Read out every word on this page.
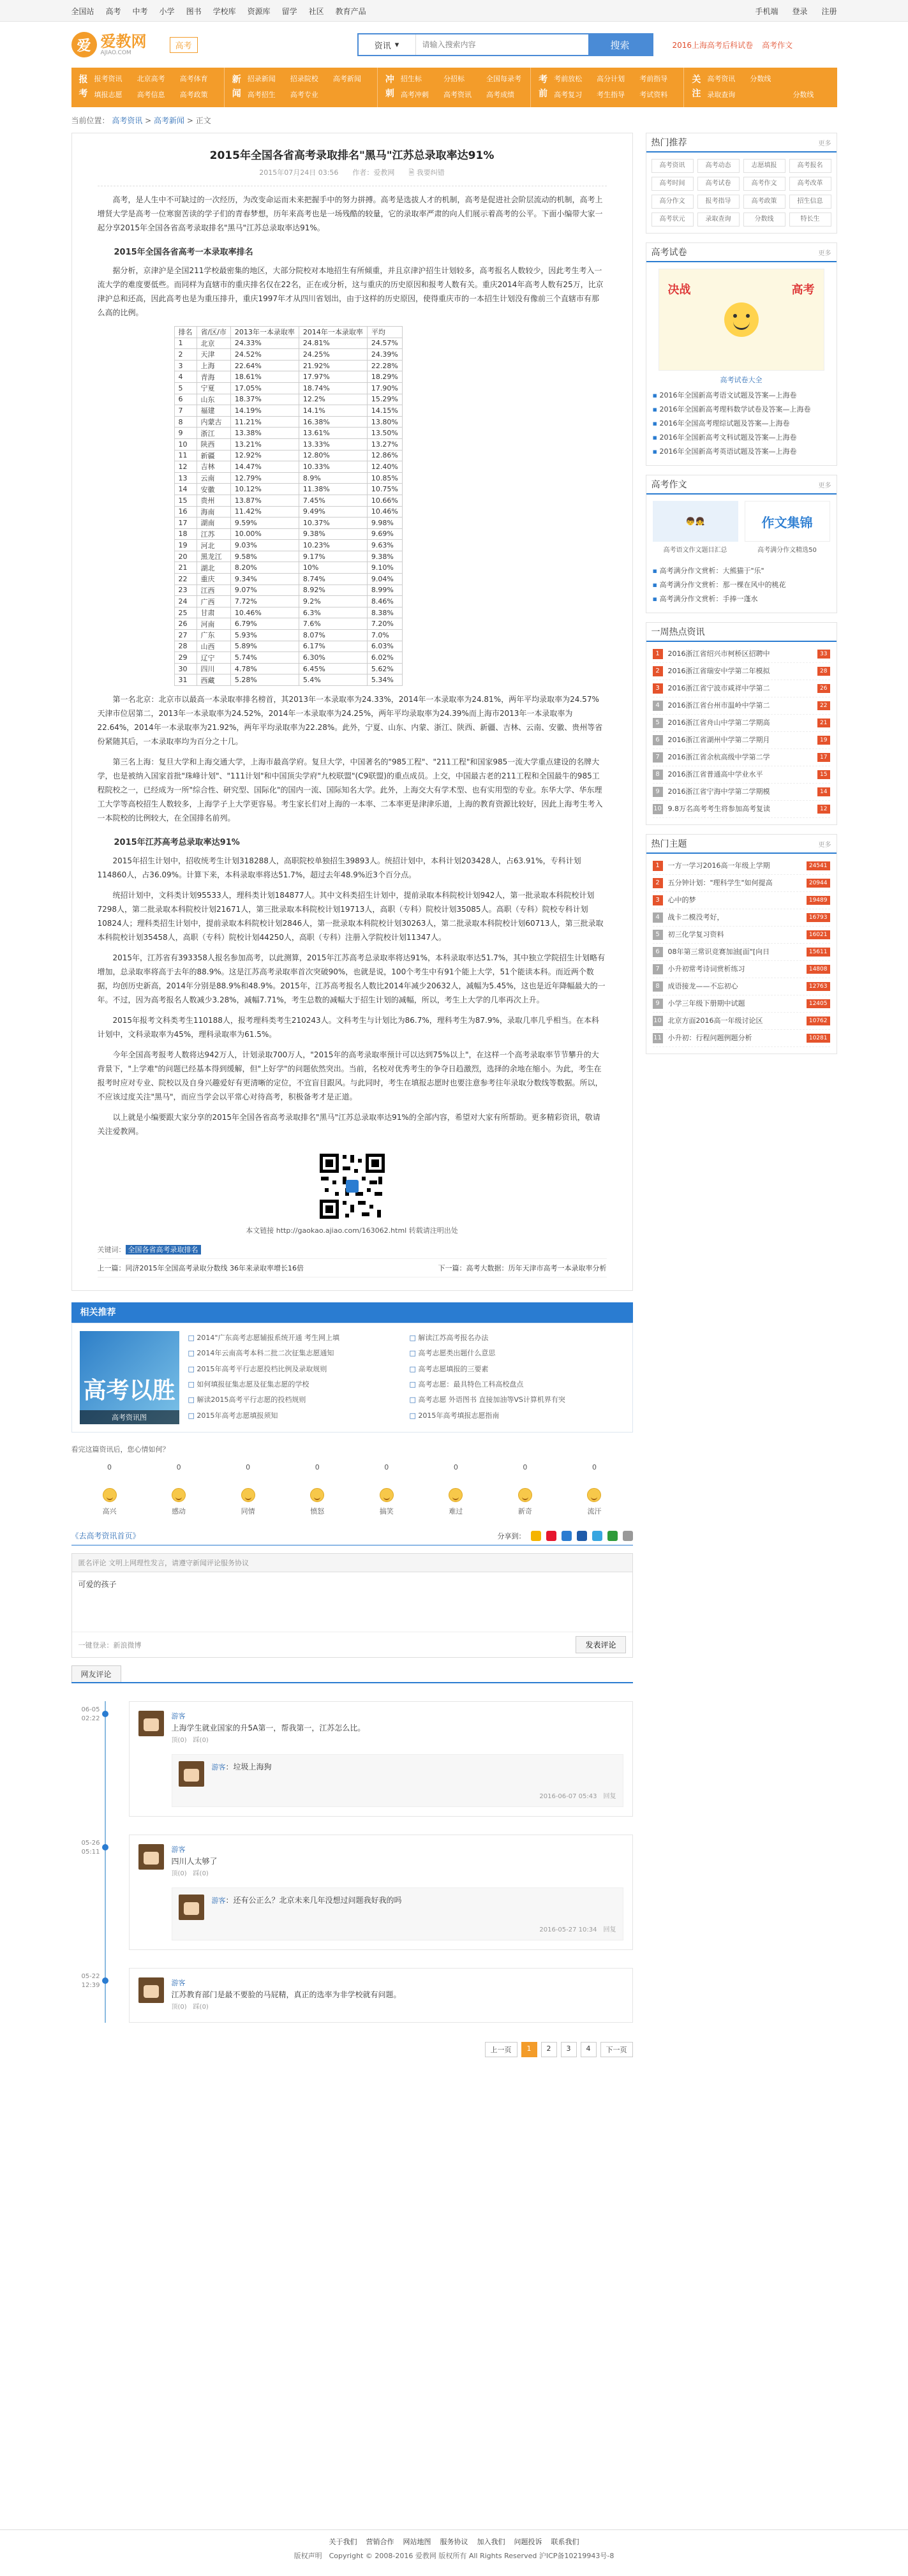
全国站 高考 中考 小学 图书 学校库 资源库 留学 社区 教育产品	手机端 登录 注册
爱 爱教网
AJIAO.COM
高考	资讯 ▾
请输入搜索内容	搜索	2016上海高考后科试卷 高考作文
报考
报考资讯	北京高考	高考体育
填报志愿	高考信息	高考政策
新闻
招录新闻	招录院校	高考新闻
高考招生	高考专业
冲刺
招生标	分招标	全国每录考
高考冲刺	高考资讯	高考成绩
考前
考前放松	高分计划	考前指导
高考复习	考生指导	考试资料
关注
高考资讯	分数线
录取查询	分数线
当前位置： 高考资讯 > 高考新闻 > 正文
2015年全国各省高考录取排名"黑马"江苏总录取率达91%
2015年07月24日 03:56　　作者：爱教网　　🗎 我要纠错

高考，是人生中不可缺过的一次经历，为改变命运而未来把握手中的努力拼搏。高考是选拔人才的机制，高考是促进社会阶层流动的机制，高考上增贤大学是高考一位寒窗苦读的学子们的青春梦想，历年来高考也是一场残酷的较量，它的录取率严肃的向人们展示着高考的公平。下面小编带大家一起分享2015年全国各省高考录取排名"黑马"江苏总录取率达91%。

2015年全国各省高考一本录取率排名

据分析，京津沪是全国211学校最密集的地区，大部分院校对本地招生有所倾重，并且京津沪招生计划较多，高考报名人数较少，因此考生考入一流大学的难度要低些。而同样为直辖市的重庆排名仅在22名，正在或分析，这与重庆的历史原因和报考人数有关。重庆2014年高考人数有25万，比京津沪总和还高，因此高考也是为重压排升，重庆1997年才从四川省划出，由于这样的历史原因，使得重庆市的一本招生计划没有像前三个直辖市有那么高的比例。

排名	省/区/市	2013年一本录取率	2014年一本录取率	平均
1	北京	24.33%	24.81%	24.57%
2	天津	24.52%	24.25%	24.39%
3	上海	22.64%	21.92%	22.28%
4	青海	18.61%	17.97%	18.29%
5	宁夏	17.05%	18.74%	17.90%
6	山东	18.37%	12.2%	15.29%
7	福建	14.19%	14.1%	14.15%
8	内蒙古	11.21%	16.38%	13.80%
9	浙江	13.38%	13.61%	13.50%
10	陕西	13.21%	13.33%	13.27%
11	新疆	12.92%	12.80%	12.86%
12	吉林	14.47%	10.33%	12.40%
13	云南	12.79%	8.9%	10.85%
14	安徽	10.12%	11.38%	10.75%
15	贵州	13.87%	7.45%	10.66%
16	海南	11.42%	9.49%	10.46%
17	湖南	9.59%	10.37%	9.98%
18	江苏	10.00%	9.38%	9.69%
19	河北	9.03%	10.23%	9.63%
20	黑龙江	9.58%	9.17%	9.38%
21	湖北	8.20%	10%	9.10%
22	重庆	9.34%	8.74%	9.04%
23	江西	9.07%	8.92%	8.99%
24	广西	7.72%	9.2%	8.46%
25	甘肃	10.46%	6.3%	8.38%
26	河南	6.79%	7.6%	7.20%
27	广东	5.93%	8.07%	7.0%
28	山西	5.89%	6.17%	6.03%
29	辽宁	5.74%	6.30%	6.02%
30	四川	4.78%	6.45%	5.62%
31	西藏	5.28%	5.4%	5.34%

第一名北京：北京市以最高一本录取率排名榜首，其2013年一本录取率为24.33%，2014年一本录取率为24.81%，两年平均录取率为24.57%天津市位居第二，2013年一本录取率为24.52%，2014年一本录取率为24.25%，两年平均录取率为24.39%而上海市2013年一本录取率为22.64%，2014年一本录取率为21.92%，两年平均录取率为22.28%。此外，宁夏、山东、内蒙、浙江、陕西、新疆、吉林、云南、安徽、贵州等省份紧随其后，一本录取率均为百分之十几。

第三名上海：复旦大学和上海交通大学，上海市最高学府。复旦大学，中国著名的"985工程"、"211工程"和国家985一流大学重点建设的名牌大学，也是被纳入国家首批"珠峰计划"、"111计划"和中国顶尖学府"九校联盟"(C9联盟)的重点成员。上交，中国最古老的211工程和全国最牛的985工程院校之一，已经成为一所"综合性、研究型、国际化"的国内一流、国际知名大学。此外，上海交大有学术型、也有实用型的专业。东华大学、华东理工大学等高校招生人数较多，上海学子上大学更容易。考生家长们对上海的一本率、二本率更是津津乐道，上海的教育资源比较好，因此上海考生考入一本院校的比例较大，在全国排名前列。

2015年江苏高考总录取率达91%

2015年招生计划中，招收统考生计划318288人，高职院校单独招生39893人。统招计划中，本科计划203428人，占63.91%，专科计划114860人，占36.09%。计算下来，本科录取率将达51.7%，超过去年48.9%近3个百分点。

统招计划中，文科类计划95533人，理科类计划184877人。其中文科类招生计划中，提前录取本科院校计划942人，第一批录取本科院校计划7298人，第二批录取本科院校计划21671人，第三批录取本科院校计划19713人，高职（专科）院校计划35085人。高职（专科）院校专科计划10824人；理科类招生计划中，提前录取本科院校计划2846人，第一批录取本科院校计划30263人，第二批录取本科院校计划60713人，第三批录取本科院校计划35458人，高职（专科）院校计划44250人，高职（专科）注册入学院校计划11347人。

2015年，江苏省有393358人报名参加高考，以此测算，2015年江苏高考总录取率将达91%，本科录取率达51.7%，其中独立学院招生计划略有增加，总录取率将高于去年的88.9%。这是江苏高考录取率首次突破90%，也就是说，100个考生中有91个能上大学，51个能读本科。而近两个数据，均创历史新高，2014年分别是88.9%和48.9%。2015年，江苏高考报名人数比2014年减少20632人，减幅为5.45%，这也是近年降幅最大的一年。不过，因为高考报名人数减少3.28%，减幅7.71%，考生总数的减幅大于招生计划的减幅，所以，考生上大学的几率再次上升。

2015年报考文科类考生110188人，报考理科类考生210243人。文科考生与计划比为86.7%，理科考生为87.9%，录取几率几乎相当。在本科计划中，文科录取率为45%，理科录取率为61.5%。

今年全国高考报考人数将达942万人，计划录取700万人，"2015年的高考录取率预计可以达到75%以上"，在这样一个高考录取率节节攀升的大背景下，"上学难"的问题已经基本得到缓解，但"上好学"的问题依然突出。当前，名校对优秀考生的争夺日趋激烈，选择的余地在缩小。为此，考生在报考时应对专业、院校以及自身兴趣爱好有更清晰的定位，不宜盲目跟风。与此同时，考生在填报志愿时也要注意参考往年录取分数线等数据。所以，不应该过度关注"黑马"，而应当学会以平常心对待高考，积极备考才是正道。

以上就是小编要跟大家分享的2015年全国各省高考录取排名"黑马"江苏总录取率达91%的全部内容，希望对大家有所帮助。更多精彩资讯，敬请关注爱教网。

本文链接 http://gaokao.ajiao.com/163062.html 转载请注明出处
关键词： 全国各省高考录取排名
上一篇：同济2015年全国高考录取分数线 36年来录取率增长16倍	下一篇：高考大数据：历年天津市高考一本录取率分析
相关推荐
高考以胜
高考资讯图
□ 2014"广东高考志愿辅报系统开通 考生网上填	□ 解读江苏高考报名办法
□ 2014年云南高考本科二批二次征集志愿通知	□ 高考志愿类出题什么意思
□ 2015年高考平行志愿投档比例及录取规则	□ 高考志愿填报的三要素
□ 如何填报征集志愿及征集志愿的学校	□ 高考志愿：最具特色工科高校盘点
□ 解读2015高考平行志愿的投档规则	□ 高考志愿 外语图书 直接加油等VS计算机界有突
□ 2015年高考志愿填报须知	□ 2015年高考填报志愿指南
看完这篇资讯后，您心情如何？
0
高兴
0
感动
0
同情
0
愤怒
0
搞笑
0
难过
0
新奇
0
流汗
《去高考资讯首页》	分享到：
匿名评论 文明上网理性发言，请遵守新闻评论服务协议
可爱的孩子
一键登录：新浪微博	发表评论
网友评论
06-05
02:22	游客
上海学生就业国家的升5A第一，帮我第一，江苏怎么比。
顶(0)　踩(0)
游客：垃圾上海狗
2016-06-07 05:43　回复
05-26
05:11	游客
四川人太够了
顶(0)　踩(0)
游客：还有公正么？北京未来几年没想过问题我好我的吗
2016-05-27 10:34　回复
05-22
12:39	游客
江苏教育部门是最不要脸的马屁精，真正的选率为非学校就有问题。
顶(0)　踩(0)
上一页	1	2	3	4	下一页
热门推荐	更多
高考资讯	高考动态	志愿填报	高考报名
高考时间	高考试卷	高考作文	高考改革
高分作文	报考指导	高考政策	招生信息
高考状元	录取查询	分数线	特长生
高考试卷	更多
决战	高考
高考试卷大全
▪ 2016年全国新高考语文试题及答案—上海卷
▪ 2016年全国新高考理科数学试卷及答案—上海卷
▪ 2016年全国高考理综试题及答案—上海卷
▪ 2016年全国新高考文科试题及答案—上海卷
▪ 2016年全国新高考英语试题及答案—上海卷
高考作文	更多
👦👧
高考语文作文题目汇总
作文集锦
高考满分作文精选50
▪ 高考满分作文赏析：大熊猫于"乐"
▪ 高考满分作文赏析：那一棵在风中的桃花
▪ 高考满分作文赏析：手捧一蓬水
一周热点资讯
1	2016浙江省绍兴市柯桥区招聘中	33
2	2016浙江省瑞安中学第二年模拟	28
3	2016浙江省宁波市咸祥中学第二	26
4	2016浙江省台州市温岭中学第二	22
5	2016浙江省舟山中学第二学期高	21
6	2016浙江省湖州中学第二学期月	19
7	2016浙江省余杭高级中学第二学	17
8	2016浙江省普通高中学业水平	15
9	2016浙江省宁海中学第二学期模	14
10 9.8万名高考考生将参加高考复读	12
热门主题	更多
1	一方一学习2016高一年级上学期	24541
2	五分钟计划："理科学生"如何提高	20944
3	心中的梦	19489
4	战卡二模没考好，	16793
5	初三化学复习资料	16021
6	08年第三常识竞赛加油[面"[向日	15611
7	小升初常考诗词赏析练习	14808
8	成语接龙——不忘初心	12763
9	小学三年级下册期中试题	12405
10 北京方面2016高一年级讨论区	10762
11 小升初：行程问题例题分析	10281
关于我们 营销合作 网站地图 服务协议 加入我们 问题投诉 联系我们
版权声明　Copyright © 2008-2016 爱教网 版权所有 All Rights Reserved 沪ICP备10219943号-8
